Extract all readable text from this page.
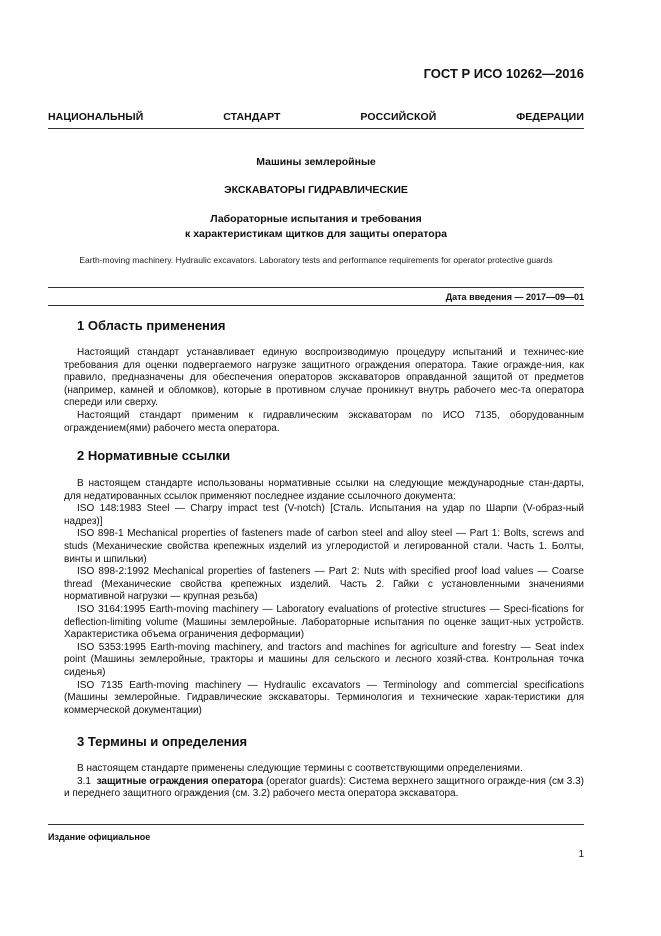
ГОСТ Р ИСО 10262—2016
НАЦИОНАЛЬНЫЙ	СТАНДАРТ	РОССИЙСКОЙ	ФЕДЕРАЦИИ
Машины землеройные
ЭКСКАВАТОРЫ ГИДРАВЛИЧЕСКИЕ
Лабораторные испытания и требования
к характеристикам щитков для защиты оператора
Earth-moving machinery. Hydraulic excavators. Laboratory tests and performance requirements for operator protective guards
Дата введения — 2017—09—01
1 Область применения

Настоящий стандарт устанавливает единую воспроизводимую процедуру испытаний и техничес-кие требования для оценки подвергаемого нагрузке защитного ограждения оператора. Такие огражде-ния, как правило, предназначены для обеспечения операторов экскаваторов оправданной защитой от предметов (например, камней и обломков), которые в противном случае проникнут внутрь рабочего мес-та оператора спереди или сверху.

Настоящий стандарт применим к гидравлическим экскаваторам по ИСО 7135, оборудованным ограждением(ями) рабочего места оператора.

2 Нормативные ссылки

В настоящем стандарте использованы нормативные ссылки на следующие международные стан-дарты, для недатированных ссылок применяют последнее издание ссылочного документа:

ISO 148:1983 Steel — Charpy impact test (V-notch) [Сталь. Испытания на удар по Шарпи (V-образ-ный надрез)]

ISO 898-1 Mechanical properties of fasteners made of carbon steel and alloy steel — Part 1: Bolts, screws and studs (Механические свойства крепежных изделий из углеродистой и легированной стали. Часть 1. Болты, винты и шпильки)

ISO 898-2:1992 Mechanical properties of fasteners — Part 2: Nuts with specified proof load values — Coarse thread (Механические свойства крепежных изделий. Часть 2. Гайки с установленными значениями нормативной нагрузки — крупная резьба)

ISO 3164:1995 Earth-moving machinery — Laboratory evaluations of protective structures — Speci-fications for deflection-limiting volume (Машины землеройные. Лабораторные испытания по оценке защит-ных устройств. Характеристика объема ограничения деформации)

ISO 5353:1995 Earth-moving machinery, and tractors and machines for agriculture and forestry — Seat index point (Машины землеройные, тракторы и машины для сельского и лесного хозяй-ства. Контрольная точка сиденья)

ISO 7135 Earth-moving machinery — Hydraulic excavators — Terminology and commercial specifications (Машины землеройные. Гидравлические экскаваторы. Терминология и технические харак-теристики для коммерческой документации)

3 Термины и определения

В настоящем стандарте применены следующие термины с соответствующими определениями.

3.1 защитные ограждения оператора (operator guards): Система верхнего защитного огражде-ния (см 3.3) и переднего защитного ограждения (см. 3.2) рабочего места оператора экскаватора.

Издание официальное
1
